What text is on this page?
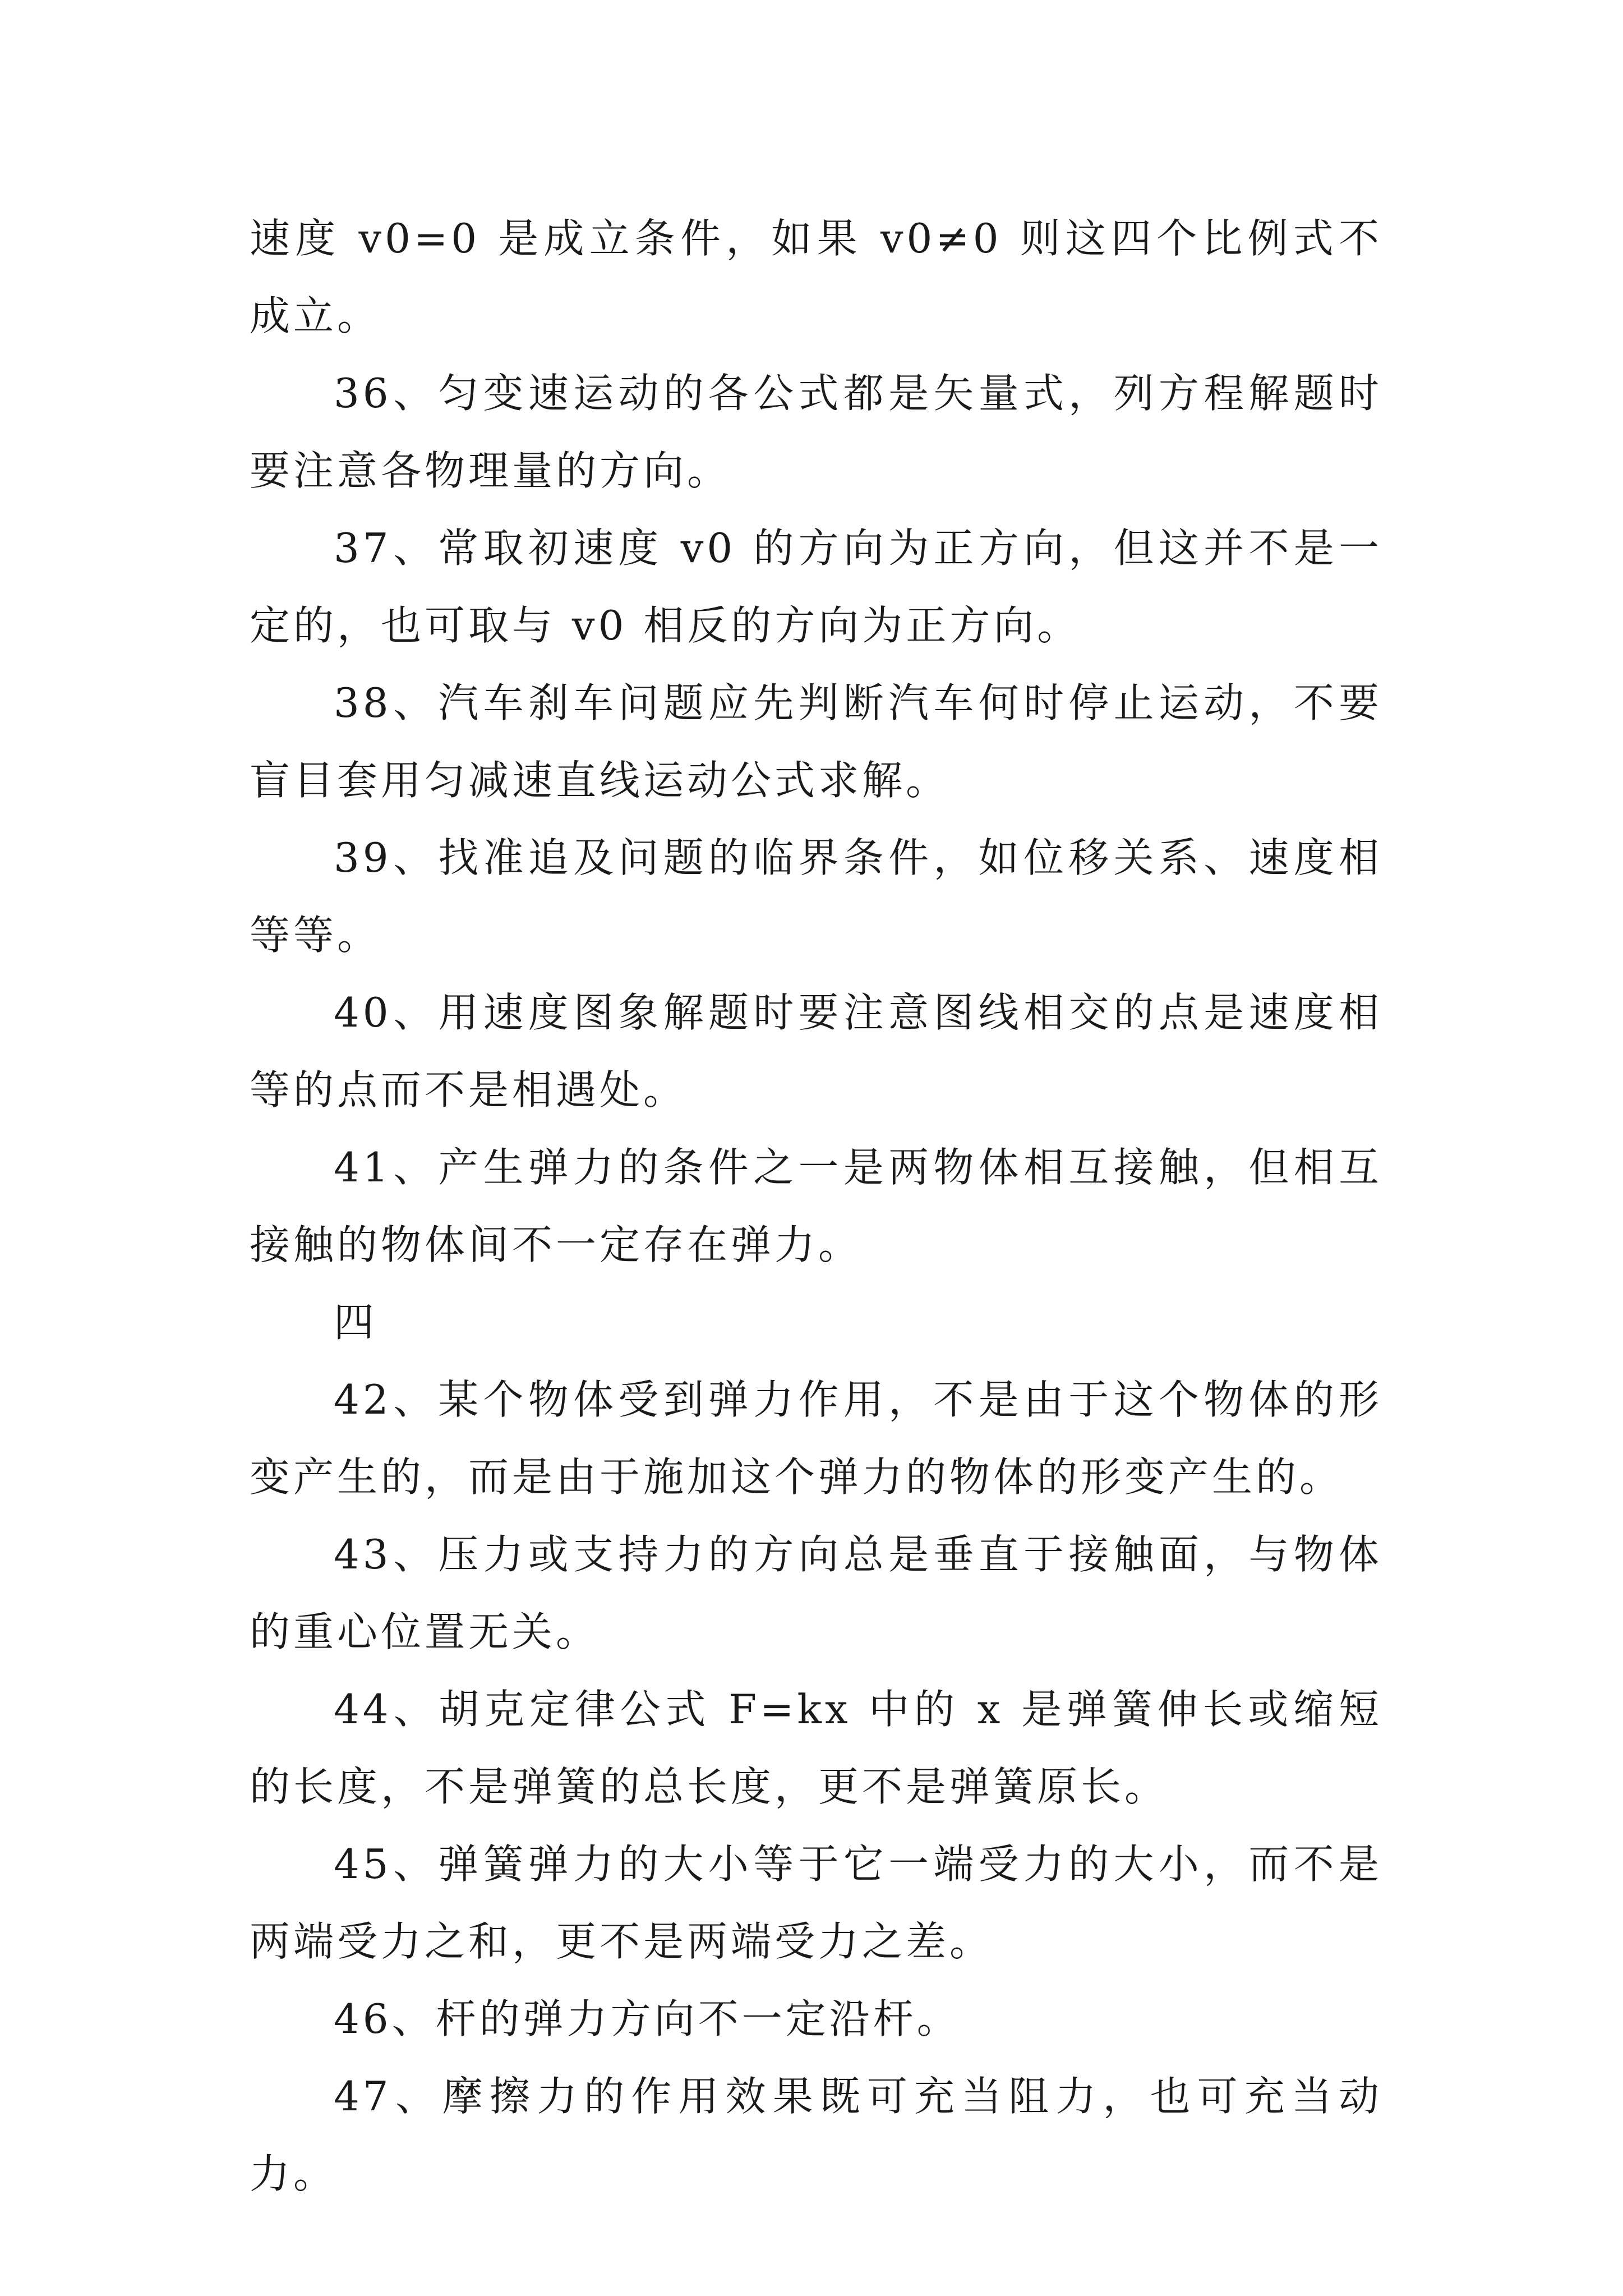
速度 v0=0 是成立条件，如果 v0≠0 则这四个比例式不成立。

36、匀变速运动的各公式都是矢量式，列方程解题时要注意各物理量的方向。

37、常取初速度 v0 的方向为正方向，但这并不是一定的，也可取与 v0 相反的方向为正方向。

38、汽车刹车问题应先判断汽车何时停止运动，不要盲目套用匀减速直线运动公式求解。

39、找准追及问题的临界条件，如位移关系、速度相等等。

40、用速度图象解题时要注意图线相交的点是速度相等的点而不是相遇处。

41、产生弹力的条件之一是两物体相互接触，但相互接触的物体间不一定存在弹力。

四

42、某个物体受到弹力作用，不是由于这个物体的形变产生的，而是由于施加这个弹力的物体的形变产生的。

43、压力或支持力的方向总是垂直于接触面，与物体的重心位置无关。

44、胡克定律公式 F=kx 中的 x 是弹簧伸长或缩短的长度，不是弹簧的总长度，更不是弹簧原长。

45、弹簧弹力的大小等于它一端受力的大小，而不是两端受力之和，更不是两端受力之差。

46、杆的弹力方向不一定沿杆。

47、摩擦力的作用效果既可充当阻力，也可充当动力。
